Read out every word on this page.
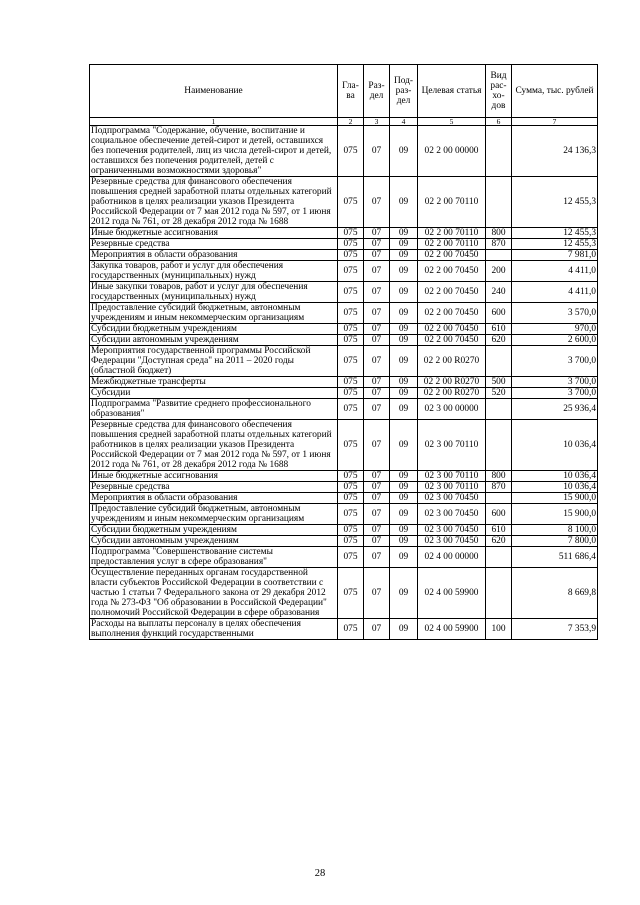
Наименование	Гла-ва	Раз-дел	Под-раз-дел	Целевая статья	Вид рас-хо-дов	Сумма, тыс. рублей
1	2	3	4	5	6	7
Подпрограмма "Содержание, обучение, воспитание и социальное обеспечение детей-сирот и детей, оставшихся без попечения родителей, лиц из числа детей-сирот и детей, оставшихся без попечения родителей, детей с ограниченными возможностями здоровья"	075	07	09	02 2 00 00000		24 136,3
Резервные средства для финансового обеспечения повышения средней заработной платы отдельных категорий работников в целях реализации указов Президента Российской Федерации от 7 мая 2012 года № 597, от 1 июня 2012 года № 761, от 28 декабря 2012 года № 1688	075	07	09	02 2 00 70110		12 455,3
Иные бюджетные ассигнования	075	07	09	02 2 00 70110	800	12 455,3
Резервные средства	075	07	09	02 2 00 70110	870	12 455,3
Мероприятия в области образования	075	07	09	02 2 00 70450		7 981,0
Закупка товаров, работ и услуг для обеспечения государственных (муниципальных) нужд	075	07	09	02 2 00 70450	200	4 411,0
Иные закупки товаров, работ и услуг для обеспечения государственных (муниципальных) нужд	075	07	09	02 2 00 70450	240	4 411,0
Предоставление субсидий бюджетным, автономным учреждениям и иным некоммерческим организациям	075	07	09	02 2 00 70450	600	3 570,0
Субсидии бюджетным учреждениям	075	07	09	02 2 00 70450	610	970,0
Субсидии автономным учреждениям	075	07	09	02 2 00 70450	620	2 600,0
Мероприятия государственной программы Российской Федерации "Доступная среда" на 2011 – 2020 годы (областной бюджет)	075	07	09	02 2 00 R0270		3 700,0
Межбюджетные трансферты	075	07	09	02 2 00 R0270	500	3 700,0
Субсидии	075	07	09	02 2 00 R0270	520	3 700,0
Подпрограмма "Развитие среднего профессионального образования"	075	07	09	02 3 00 00000		25 936,4
Резервные средства для финансового обеспечения повышения средней заработной платы отдельных категорий работников в целях реализации указов Президента Российской Федерации от 7 мая 2012 года № 597, от 1 июня 2012 года № 761, от 28 декабря 2012 года № 1688	075	07	09	02 3 00 70110		10 036,4
Иные бюджетные ассигнования	075	07	09	02 3 00 70110	800	10 036,4
Резервные средства	075	07	09	02 3 00 70110	870	10 036,4
Мероприятия в области образования	075	07	09	02 3 00 70450		15 900,0
Предоставление субсидий бюджетным, автономным учреждениям и иным некоммерческим организациям	075	07	09	02 3 00 70450	600	15 900,0
Субсидии бюджетным учреждениям	075	07	09	02 3 00 70450	610	8 100,0
Субсидии автономным учреждениям	075	07	09	02 3 00 70450	620	7 800,0
Подпрограмма "Совершенствование системы предоставления услуг в сфере образования"	075	07	09	02 4 00 00000		511 686,4
Осуществление переданных органам государственной власти субъектов Российской Федерации в соответствии с частью 1 статьи 7 Федерального закона от 29 декабря 2012 года № 273-ФЗ "Об образовании в Российской Федерации" полномочий Российской Федерации в сфере образования	075	07	09	02 4 00 59900		8 669,8
Расходы на выплаты персоналу в целях обеспечения выполнения функций государственными	075	07	09	02 4 00 59900	100	7 353,9
28
